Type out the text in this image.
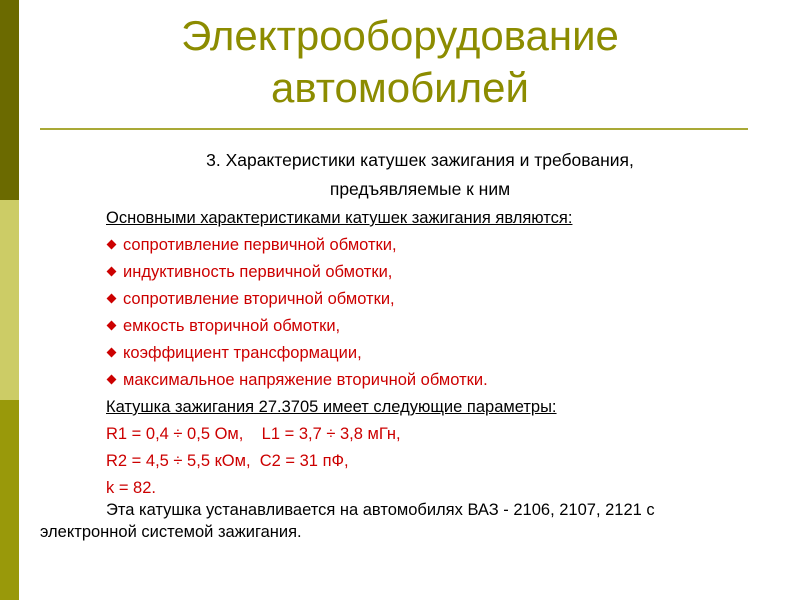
Электрооборудование
автомобилей
3. Характеристики катушек зажигания и требования,
предъявляемые к ним
Основными характеристиками катушек зажигания являются:
сопротивление первичной обмотки,
индуктивность первичной обмотки,
сопротивление вторичной обмотки,
емкость вторичной обмотки,
коэффициент трансформации,
максимальное напряжение вторичной обмотки.
Катушка зажигания 27.3705 имеет следующие параметры:
R1 = 0,4 ÷ 0,5 Ом,    L1 = 3,7 ÷ 3,8 мГн,
R2 = 4,5 ÷ 5,5 кОм,  C2 = 31 пФ,
k = 82.
Эта катушка устанавливается на автомобилях ВАЗ - 2106, 2107, 2121 с
электронной системой зажигания.
